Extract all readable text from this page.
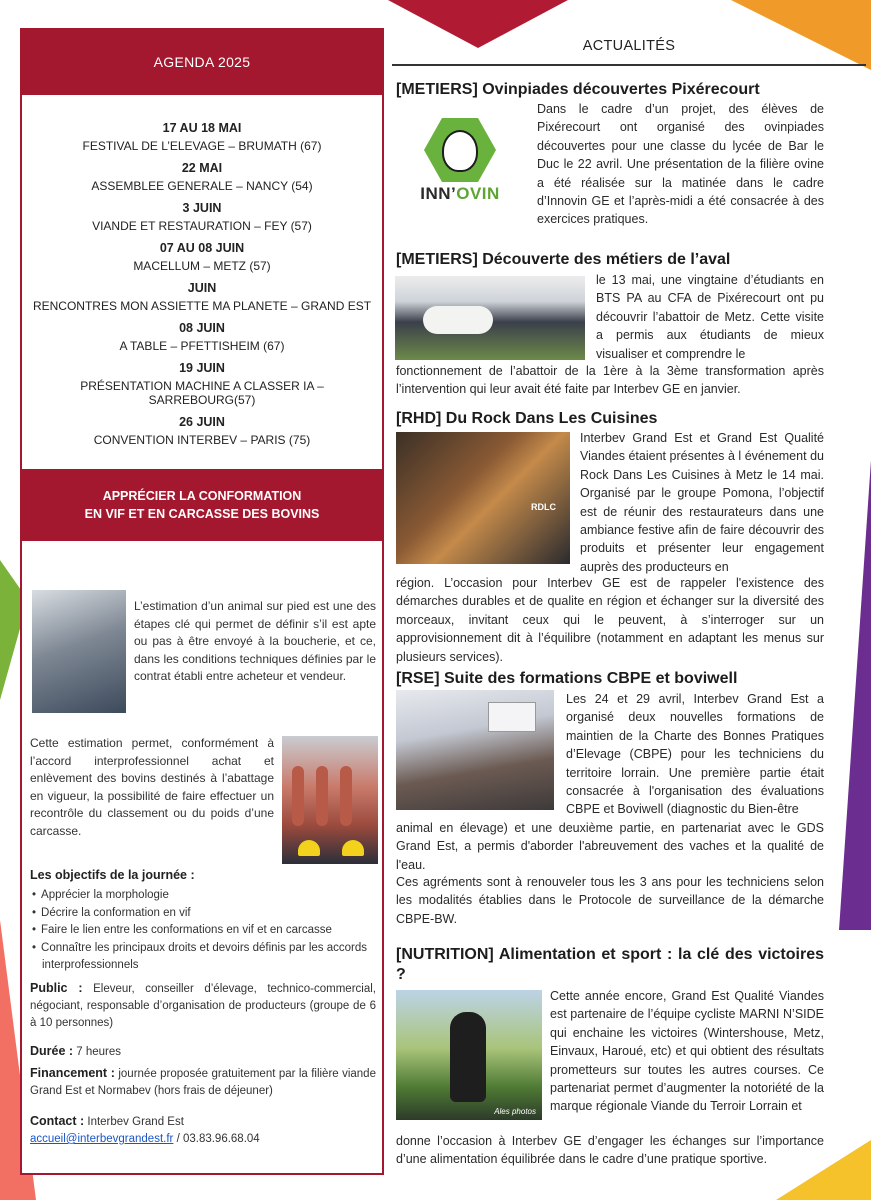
AGENDA 2025
17 AU 18 MAI
FESTIVAL DE L’ELEVAGE – BRUMATH (67)
22 MAI
ASSEMBLEE GENERALE – NANCY (54)
3 JUIN
VIANDE ET RESTAURATION – FEY (57)
07 AU 08 JUIN
MACELLUM – METZ (57)
JUIN
RENCONTRES MON ASSIETTE MA PLANETE – GRAND EST
08 JUIN
A TABLE – PFETTISHEIM (67)
19 JUIN
PRÉSENTATION MACHINE A CLASSER IA – SARREBOURG(57)
26 JUIN
CONVENTION INTERBEV – PARIS (75)
APPRÉCIER LA CONFORMATION
EN VIF ET EN CARCASSE DES BOVINS
L’estimation d’un animal sur pied est une des étapes clé qui permet de définir s’il est apte ou pas à être envoyé à la boucherie, et ce, dans les conditions techniques définies par le contrat établi entre acheteur et vendeur.
Cette estimation permet, conformément à l’accord interprofessionnel achat et enlèvement des bovins destinés à l’abattage en vigueur, la possibilité de faire effectuer un recontrôle du classement ou du poids d’une carcasse.
Les objectifs de la journée :
• Apprécier la morphologie
• Décrire la conformation en vif
• Faire le lien entre les conformations en vif et en carcasse
• Connaître les principaux droits et devoirs définis par les accords interprofessionnels
Public : Eleveur, conseiller d’élevage, technico-commercial, négociant, responsable d’organisation de producteurs (groupe de 6 à 10 personnes)
Durée : 7 heures
Financement : journée proposée gratuitement par la filière viande Grand Est et Normabev (hors frais de déjeuner)
Contact : Interbev Grand Est
accueil@interbevgrandest.fr / 03.83.96.68.04
ACTUALITÉS
[METIERS] Ovinpiades découvertes Pixérecourt
INN’OVIN
Dans le cadre d’un projet, des élèves de Pixérecourt ont organisé des ovinpiades découvertes pour une classe du lycée de Bar le Duc le 22 avril. Une présentation de la filière ovine a été réalisée sur la matinée dans le cadre d’Innovin GE et l’après-midi a été consacrée à des exercices pratiques.
[METIERS] Découverte des métiers de l’aval
le 13 mai, une vingtaine d’étudiants en BTS PA au CFA de Pixérecourt ont pu découvrir l’abattoir de Metz. Cette visite a permis aux étudiants de mieux visualiser et comprendre le
fonctionnement de l’abattoir de la 1ère à la 3ème transformation après l’intervention qui leur avait été faite par Interbev GE en janvier.
[RHD] Du Rock Dans Les Cuisines
RDLC
Interbev Grand Est et Grand Est Qualité Viandes étaient présentes à l événement du Rock Dans Les Cuisines à Metz le 14 mai. Organisé par le groupe Pomona, l’objectif est de réunir des restaurateurs dans une ambiance festive afin de faire découvrir des produits et présenter leur engagement auprès des producteurs en
région. L’occasion pour Interbev GE est de rappeler l'existence des démarches durables et de qualite en région et échanger sur la diversité des morceaux, invitant ceux qui le peuvent, à s’interroger sur un approvisionnement dit à l’équilibre (notamment en adaptant les menus sur plusieurs services).
[RSE] Suite des formations CBPE et boviwell
Les 24 et 29 avril, Interbev Grand Est a organisé deux nouvelles formations de maintien de la Charte des Bonnes Pratiques d’Elevage (CBPE) pour les techniciens du territoire lorrain. Une première partie était consacrée à l'organisation des évaluations CBPE et Boviwell (diagnostic du Bien-être
animal en élevage) et une deuxième partie, en partenariat avec le GDS Grand Est, a permis d'aborder l'abreuvement des vaches et la qualité de l'eau.
Ces agréments sont à renouveler tous les 3 ans pour les techniciens selon les modalités établies dans le Protocole de surveillance de la démarche CBPE-BW.
[NUTRITION] Alimentation et sport : la clé des victoires ?
Ales photos
Cette année encore, Grand Est Qualité Viandes est partenaire de l’équipe cycliste MARNI N’SIDE qui enchaine les victoires (Wintershouse, Metz, Einvaux, Haroué, etc) et qui obtient des résultats prometteurs sur toutes les autres courses. Ce partenariat permet d’augmenter la notoriété de la marque régionale Viande du Terroir Lorrain et
donne l’occasion à Interbev GE d’engager les échanges sur l’importance d’une alimentation équilibrée dans le cadre d’une pratique sportive.
